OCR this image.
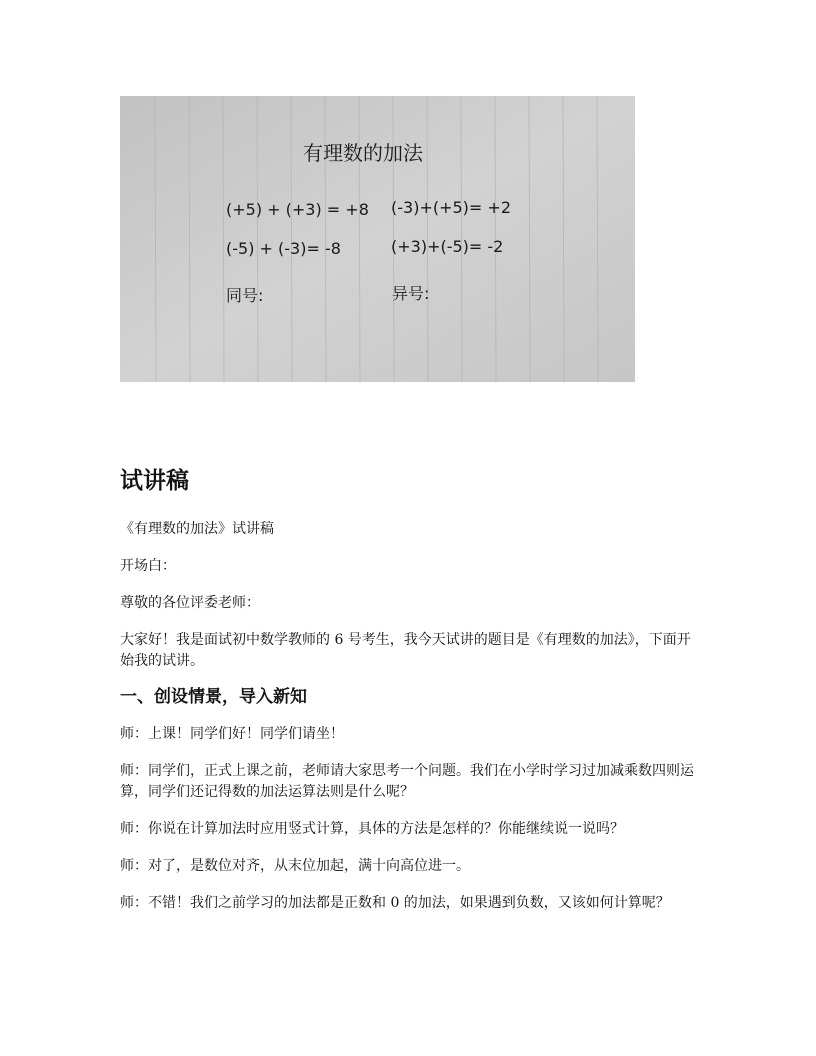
有理数的加法
(+5) + (+3) = +8 (-3)+(+5)= +2
(-5) + (-3)= -8	(+3)+(-5)= -2
同号:	异号:
试讲稿

《有理数的加法》试讲稿

开场白：

尊敬的各位评委老师：

大家好！我是面试初中数学教师的 6 号考生，我今天试讲的题目是《有理数的加法》，下面开始我的试讲。

一、创设情景，导入新知

师：上课！同学们好！同学们请坐！

师：同学们，正式上课之前，老师请大家思考一个问题。我们在小学时学习过加减乘数四则运算，同学们还记得数的加法运算法则是什么呢？

师：你说在计算加法时应用竖式计算，具体的方法是怎样的？你能继续说一说吗？

师：对了，是数位对齐，从末位加起，满十向高位进一。

师：不错！我们之前学习的加法都是正数和 0 的加法，如果遇到负数，又该如何计算呢？
